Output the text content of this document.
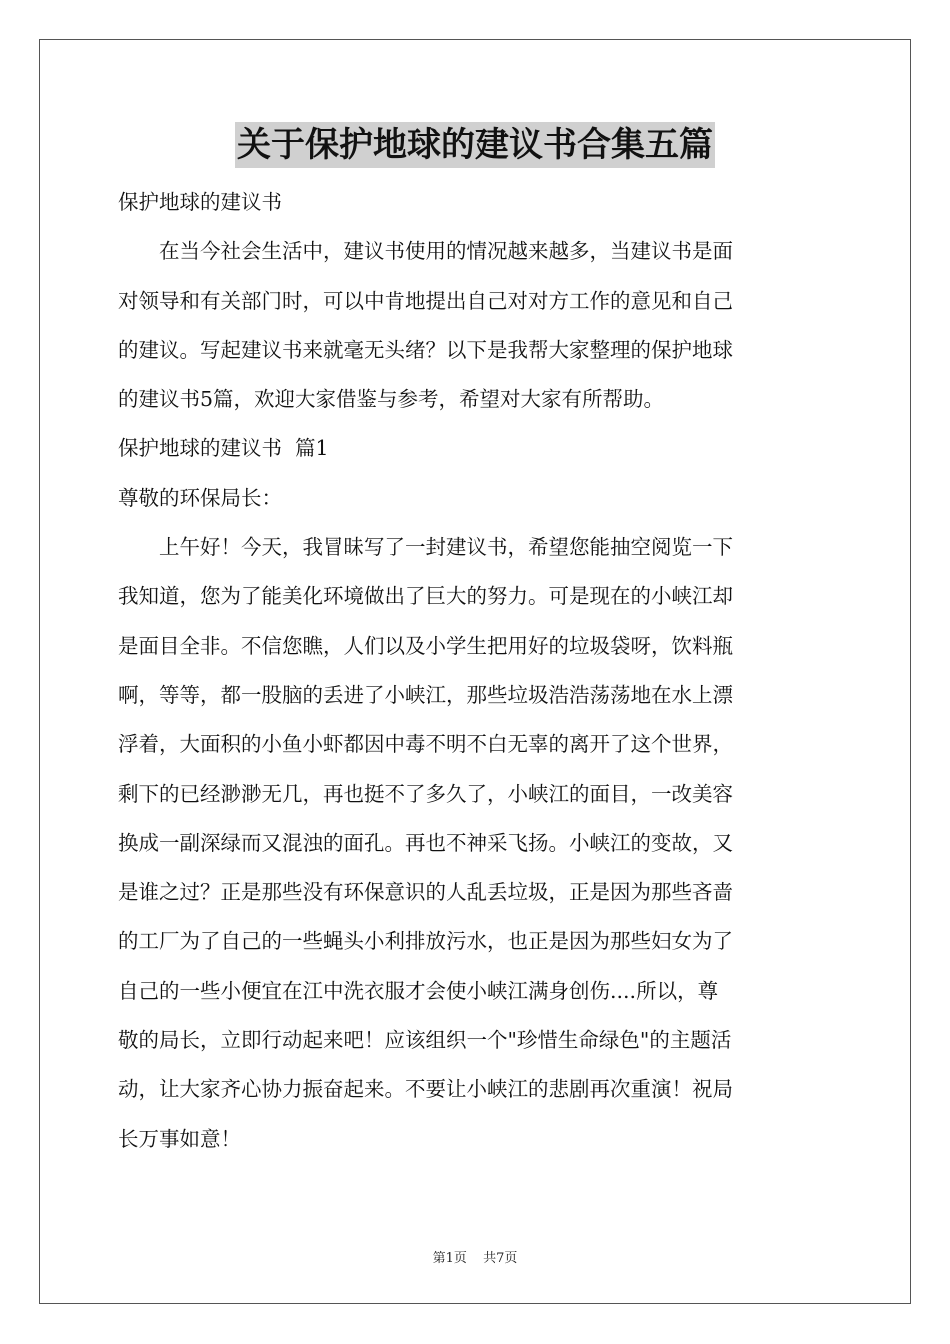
关于保护地球的建议书合集五篇

保护地球的建议书

在当今社会生活中，建议书使用的情况越来越多，当建议书是面

对领导和有关部门时，可以中肯地提出自己对对方工作的意见和自己

的建议。写起建议书来就毫无头绪？以下是我帮大家整理的保护地球

的建议书5篇，欢迎大家借鉴与参考，希望对大家有所帮助。

保护地球的建议书  篇1

尊敬的环保局长：

上午好！今天，我冒昧写了一封建议书，希望您能抽空阅览一下

我知道，您为了能美化环境做出了巨大的努力。可是现在的小峡江却

是面目全非。不信您瞧，人们以及小学生把用好的垃圾袋呀，饮料瓶

啊，等等，都一股脑的丢进了小峡江，那些垃圾浩浩荡荡地在水上漂

浮着，大面积的小鱼小虾都因中毒不明不白无辜的离开了这个世界，

剩下的已经渺渺无几，再也挺不了多久了，小峡江的面目，一改美容

换成一副深绿而又混浊的面孔。再也不神采飞扬。小峡江的变故，又

是谁之过？正是那些没有环保意识的人乱丢垃圾，正是因为那些吝啬

的工厂为了自己的一些蝇头小利排放污水，也正是因为那些妇女为了

自己的一些小便宜在江中洗衣服才会使小峡江满身创伤....所以，尊

敬的局长，立即行动起来吧！应该组织一个"珍惜生命绿色"的主题活

动，让大家齐心协力振奋起来。不要让小峡江的悲剧再次重演！祝局

长万事如意！

第1页 共7页
